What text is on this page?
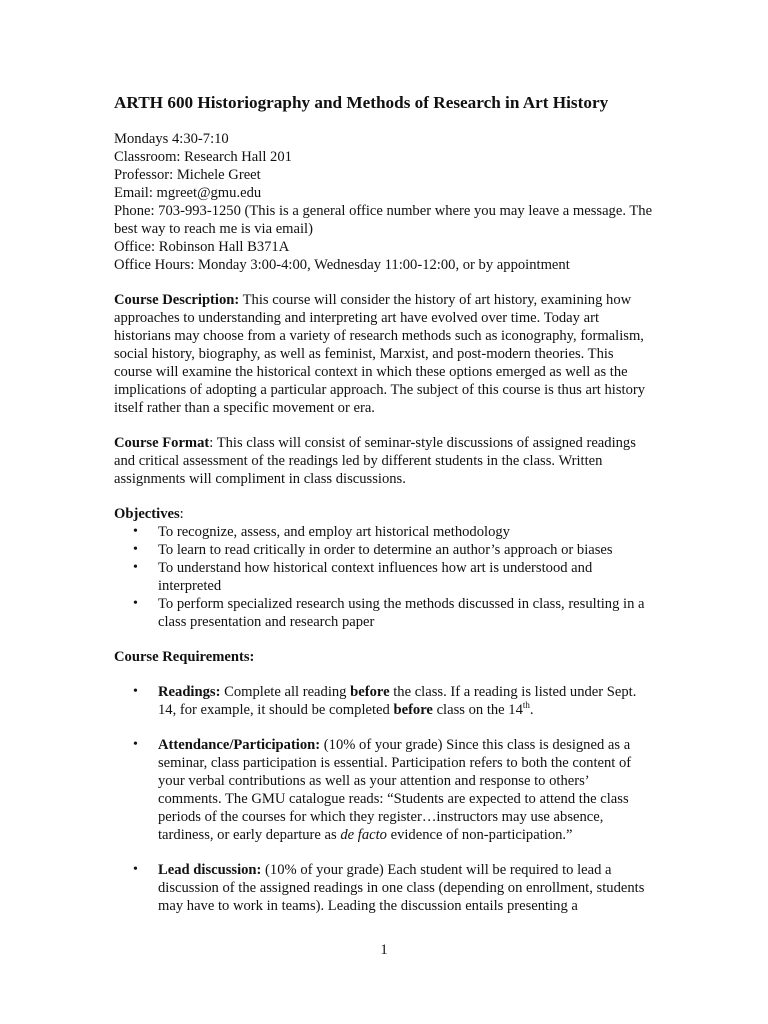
ARTH 600 Historiography and Methods of Research in Art History

Mondays 4:30-7:10

Classroom: Research Hall 201

Professor: Michele Greet

Email: mgreet@gmu.edu

Phone: 703-993-1250 (This is a general office number where you may leave a message. The best way to reach me is via email)

Office: Robinson Hall B371A

Office Hours: Monday 3:00-4:00, Wednesday 11:00-12:00, or by appointment

Course Description: This course will consider the history of art history, examining how approaches to understanding and interpreting art have evolved over time. Today art historians may choose from a variety of research methods such as iconography, formalism, social history, biography, as well as feminist, Marxist, and post-modern theories. This course will examine the historical context in which these options emerged as well as the implications of adopting a particular approach. The subject of this course is thus art history itself rather than a specific movement or era.

Course Format: This class will consist of seminar-style discussions of assigned readings and critical assessment of the readings led by different students in the class. Written assignments will compliment in class discussions.

Objectives:

• To recognize, assess, and employ art historical methodology
• To learn to read critically in order to determine an author’s approach or biases
• To understand how historical context influences how art is understood and interpreted
• To perform specialized research using the methods discussed in class, resulting in a class presentation and research paper

Course Requirements:

• Readings: Complete all reading before the class. If a reading is listed under Sept. 14, for example, it should be completed before class on the 14th.
• Attendance/Participation: (10% of your grade) Since this class is designed as a seminar, class participation is essential. Participation refers to both the content of your verbal contributions as well as your attention and response to others’ comments. The GMU catalogue reads: “Students are expected to attend the class periods of the courses for which they register…instructors may use absence, tardiness, or early departure as de facto evidence of non-participation.”
• Lead discussion: (10% of your grade) Each student will be required to lead a discussion of the assigned readings in one class (depending on enrollment, students may have to work in teams). Leading the discussion entails presenting a
1
